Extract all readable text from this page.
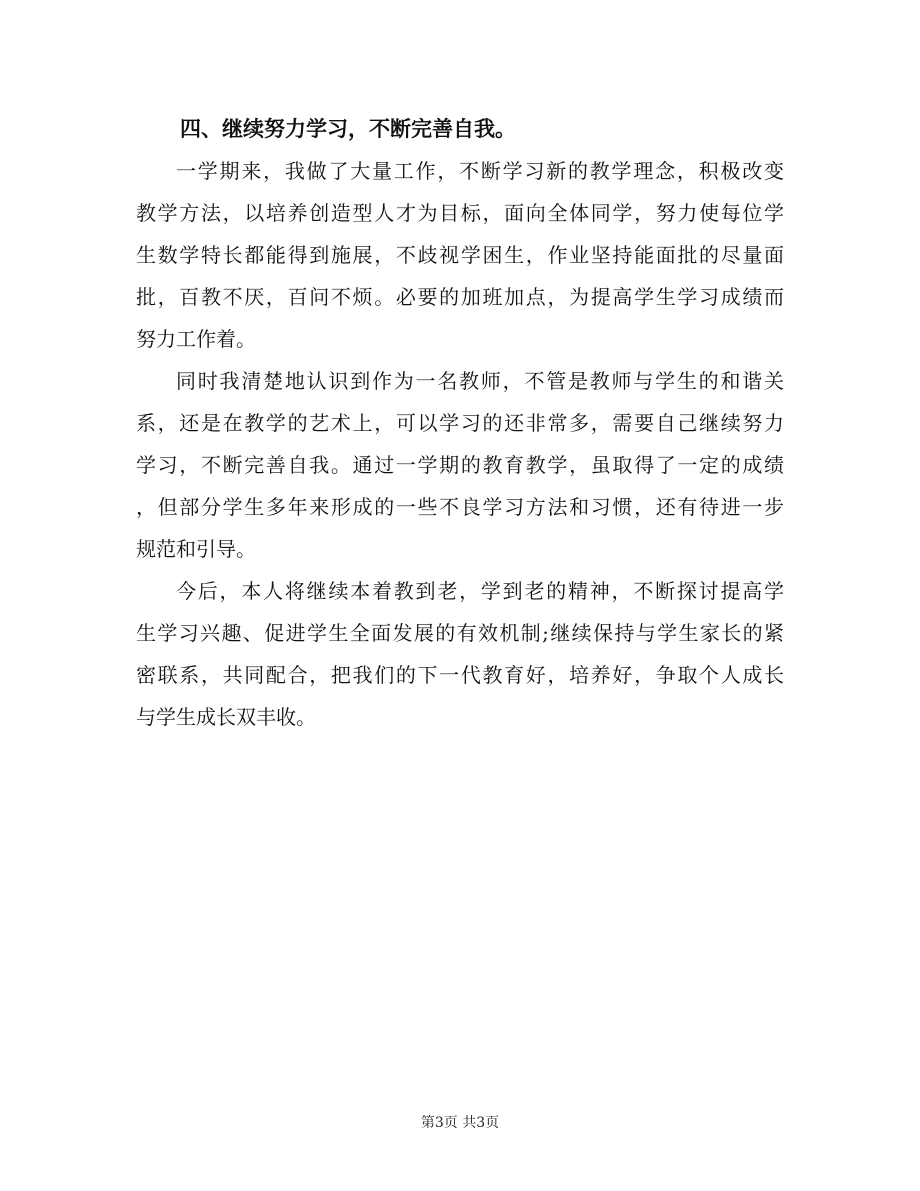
四、继续努力学习，不断完善自我。

一学期来，我做了大量工作，不断学习新的教学理念，积极改变
教学方法，以培养创造型人才为目标，面向全体同学，努力使每位学
生数学特长都能得到施展，不歧视学困生，作业坚持能面批的尽量面
批，百教不厌，百问不烦。必要的加班加点，为提高学生学习成绩而
努力工作着。

同时我清楚地认识到作为一名教师，不管是教师与学生的和谐关
系，还是在教学的艺术上，可以学习的还非常多，需要自己继续努力
学习，不断完善自我。通过一学期的教育教学，虽取得了一定的成绩
，但部分学生多年来形成的一些不良学习方法和习惯，还有待进一步
规范和引导。

今后，本人将继续本着教到老，学到老的精神，不断探讨提高学
生学习兴趣、促进学生全面发展的有效机制;继续保持与学生家长的紧
密联系，共同配合，把我们的下一代教育好，培养好，争取个人成长
与学生成长双丰收。

第3页 共3页
